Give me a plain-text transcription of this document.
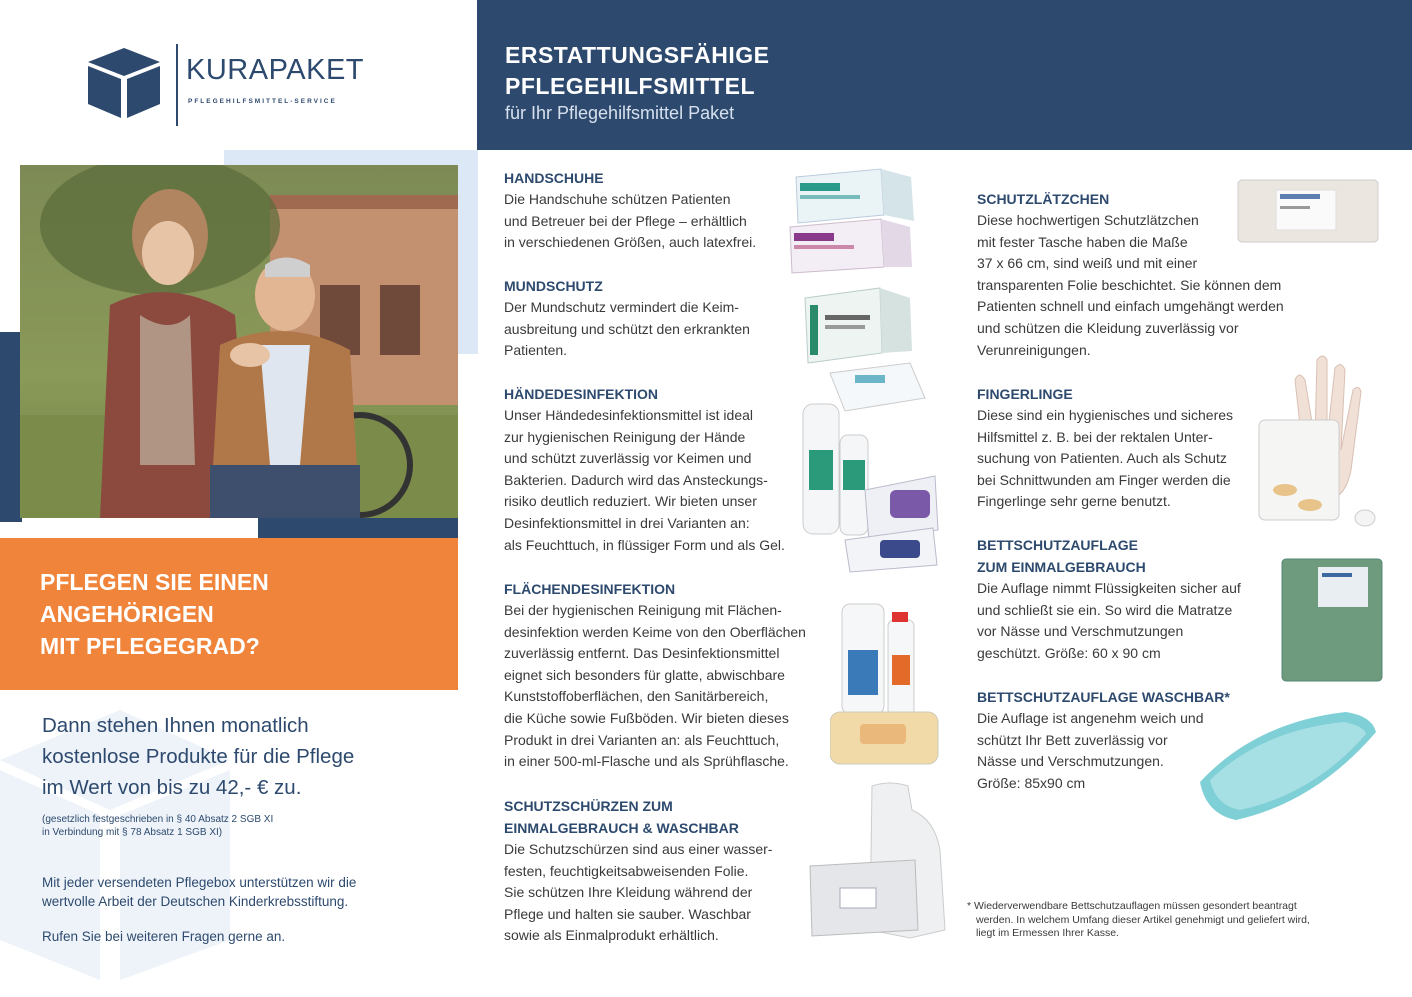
KURAPAKET
PFLEGEHILFSMITTEL-SERVICE
PFLEGEN SIE EINEN
ANGEHÖRIGEN
MIT PFLEGEGRAD?
Dann stehen Ihnen monatlich
kostenlose Produkte für die Pflege
im Wert von bis zu 42,- € zu.
(gesetzlich festgeschrieben in § 40 Absatz 2 SGB XI
in Verbindung mit § 78 Absatz 1 SGB XI)

Mit jeder versendeten Pflegebox unterstützen wir die
wertvolle Arbeit der Deutschen Kinderkrebsstiftung.

Rufen Sie bei weiteren Fragen gerne an.

ERSTATTUNGSFÄHIGE
PFLEGEHILFSMITTEL
für Ihr Pflegehilfsmittel Paket
HANDSCHUHE
Die Handschuhe schützen Patienten
und Betreuer bei der Pflege – erhältlich
in verschiedenen Größen, auch latexfrei.
MUNDSCHUTZ
Der Mundschutz vermindert die Keim-
ausbreitung und schützt den erkrankten
Patienten.
HÄNDEDESINFEKTION
Unser Händedesinfektionsmittel ist ideal
zur hygienischen Reinigung der Hände
und schützt zuverlässig vor Keimen und
Bakterien. Dadurch wird das Ansteckungs-
risiko deutlich reduziert. Wir bieten unser
Desinfektionsmittel in drei Varianten an:
als Feuchttuch, in flüssiger Form und als Gel.
FLÄCHENDESINFEKTION
Bei der hygienischen Reinigung mit Flächen-
desinfektion werden Keime von den Oberflächen
zuverlässig entfernt. Das Desinfektionsmittel
eignet sich besonders für glatte, abwischbare
Kunststoffoberflächen, den Sanitärbereich,
die Küche sowie Fußböden. Wir bieten dieses
Produkt in drei Varianten an: als Feuchttuch,
in einer 500-ml-Flasche und als Sprühflasche.
SCHUTZSCHÜRZEN ZUM
EINMALGEBRAUCH & WASCHBAR
Die Schutzschürzen sind aus einer wasser-
festen, feuchtigkeitsabweisenden Folie.
Sie schützen Ihre Kleidung während der
Pflege und halten sie sauber. Waschbar
sowie als Einmalprodukt erhältlich.
SCHUTZLÄTZCHEN
Diese hochwertigen Schutzlätzchen
mit fester Tasche haben die Maße
37 x 66 cm, sind weiß und mit einer
transparenten Folie beschichtet. Sie können dem
Patienten schnell und einfach umgehängt werden
und schützen die Kleidung zuverlässig vor
Verunreinigungen.
FINGERLINGE
Diese sind ein hygienisches und sicheres
Hilfsmittel z. B. bei der rektalen Unter-
suchung von Patienten. Auch als Schutz
bei Schnittwunden am Finger werden die
Fingerlinge sehr gerne benutzt.
BETTSCHUTZAUFLAGE
ZUM EINMALGEBRAUCH
Die Auflage nimmt Flüssigkeiten sicher auf
und schließt sie ein. So wird die Matratze
vor Nässe und Verschmutzungen
geschützt. Größe: 60 x 90 cm
BETTSCHUTZAUFLAGE WASCHBAR*
Die Auflage ist angenehm weich und
schützt Ihr Bett zuverlässig vor
Nässe und Verschmutzungen.
Größe: 85x90 cm
* Wiederverwendbare Bettschutzauflagen müssen gesondert beantragt
werden. In welchem Umfang dieser Artikel genehmigt und geliefert wird,
liegt im Ermessen Ihrer Kasse.
